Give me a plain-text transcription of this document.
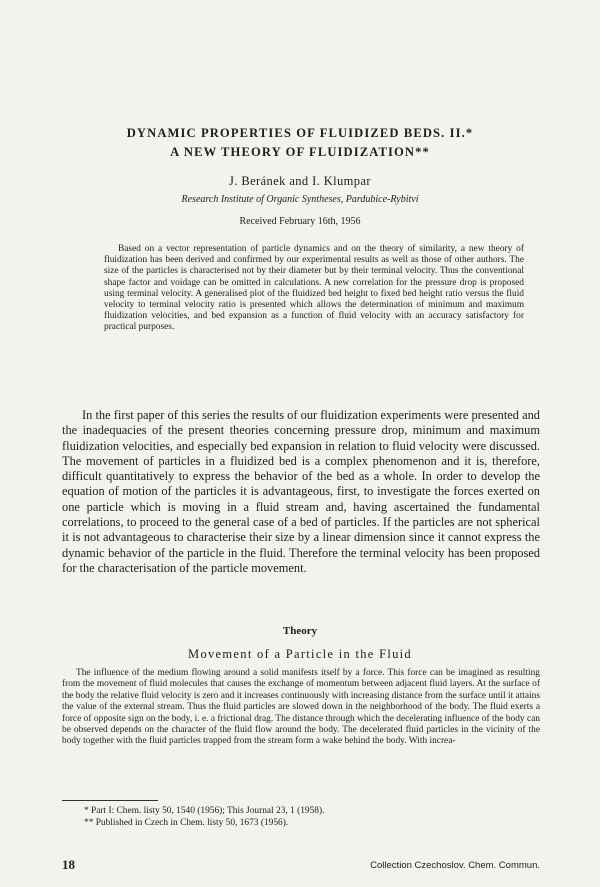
DYNAMIC PROPERTIES OF FLUIDIZED BEDS. II.*
A NEW THEORY OF FLUIDIZATION**
J. Beránek and I. Klumpar
Research Institute of Organic Syntheses, Pardubice-Rybitví
Received February 16th, 1956

Based on a vector representation of particle dynamics and on the theory of similarity, a new theory of fluidization has been derived and confirmed by our experimental results as well as those of other authors. The size of the particles is characterised not by their diameter but by their terminal velocity. Thus the conventional shape factor and voidage can be omitted in calculations. A new correlation for the pressure drop is proposed using terminal velocity. A generalised plot of the fluidized bed height to fixed bed height ratio versus the fluid velocity to terminal velocity ratio is presented which allows the determination of minimum and maximum fluidization velocities, and bed expansion as a function of fluid velocity with an accuracy satisfactory for practical purposes.

In the first paper of this series the results of our fluidization experiments were presented and the inadequacies of the present theories concerning pressure drop, minimum and maximum fluidization velocities, and especially bed expansion in relation to fluid velocity were discussed. The movement of particles in a fluidized bed is a complex phenomenon and it is, therefore, difficult quantitatively to express the behavior of the bed as a whole. In order to develop the equation of motion of the particles it is advantageous, first, to investigate the forces exerted on one particle which is moving in a fluid stream and, having ascertained the fundamental correlations, to proceed to the general case of a bed of particles. If the particles are not spherical it is not advantageous to characterise their size by a linear dimension since it cannot express the dynamic behavior of the particle in the fluid. Therefore the terminal velocity has been proposed for the characterisation of the particle movement.

Theory
Movement of a Particle in the Fluid

The influence of the medium flowing around a solid manifests itself by a force. This force can be imagined as resulting from the movement of fluid molecules that causes the exchange of momentum between adjacent fluid layers. At the surface of the body the relative fluid velocity is zero and it increases continuously with increasing distance from the surface until it attains the value of the external stream. Thus the fluid particles are slowed down in the neighborhood of the body. The fluid exerts a force of opposite sign on the body, i. e. a frictional drag. The distance through which the decelerating influence of the body can be observed depends on the character of the fluid flow around the body. The decelerated fluid particles in the vicinity of the body together with the fluid particles trapped from the stream form a wake behind the body. With increa-

* Part I: Chem. listy 50, 1540 (1956); This Journal 23, 1 (1958).
** Published in Czech in Chem. listy 50, 1673 (1956).
18	Collection Czechoslov. Chem. Commun.
